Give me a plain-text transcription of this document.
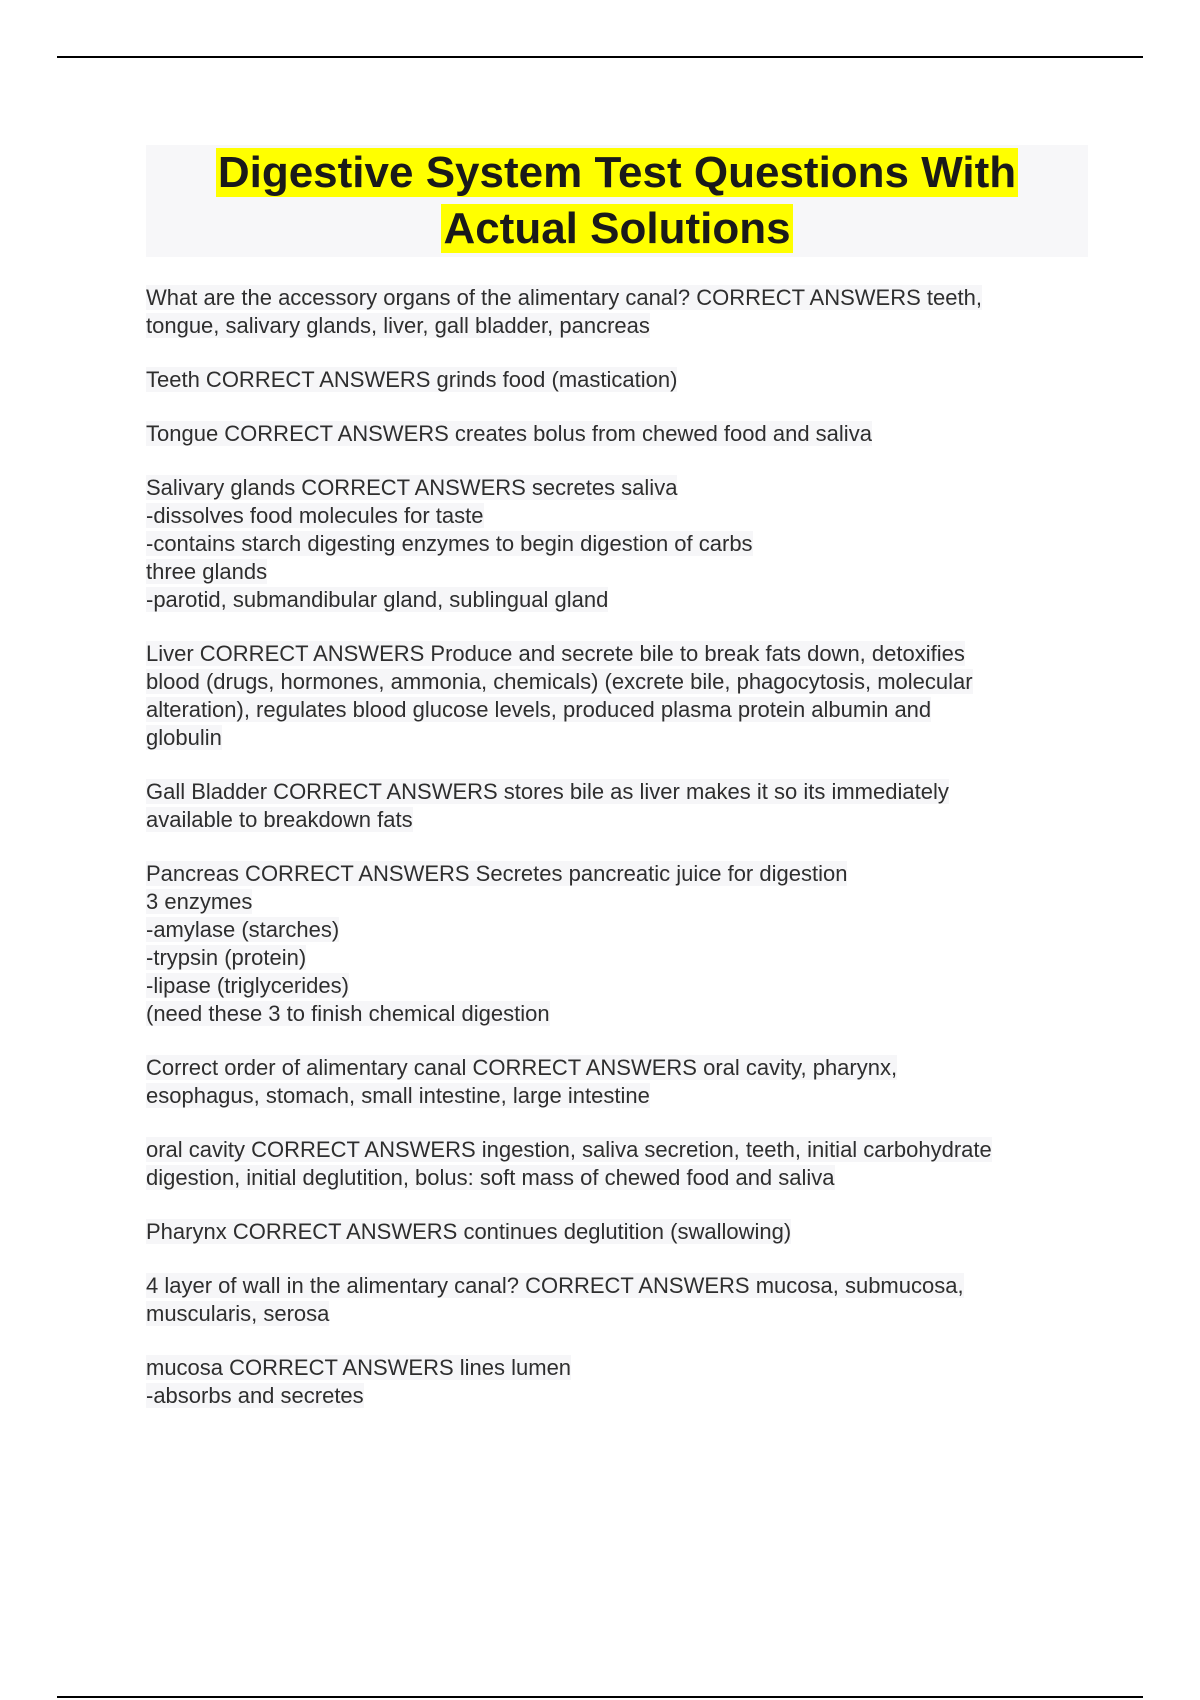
Digestive System Test Questions With
Actual Solutions
What are the accessory organs of the alimentary canal? CORRECT ANSWERS teeth,
tongue, salivary glands, liver, gall bladder, pancreas
Teeth CORRECT ANSWERS grinds food (mastication)
Tongue CORRECT ANSWERS creates bolus from chewed food and saliva
Salivary glands CORRECT ANSWERS secretes saliva
-dissolves food molecules for taste
-contains starch digesting enzymes to begin digestion of carbs
three glands
-parotid, submandibular gland, sublingual gland
Liver CORRECT ANSWERS Produce and secrete bile to break fats down, detoxifies
blood (drugs, hormones, ammonia, chemicals) (excrete bile, phagocytosis, molecular
alteration), regulates blood glucose levels, produced plasma protein albumin and
globulin
Gall Bladder CORRECT ANSWERS stores bile as liver makes it so its immediately
available to breakdown fats
Pancreas CORRECT ANSWERS Secretes pancreatic juice for digestion
3 enzymes
-amylase (starches)
-trypsin (protein)
-lipase (triglycerides)
(need these 3 to finish chemical digestion
Correct order of alimentary canal CORRECT ANSWERS oral cavity, pharynx,
esophagus, stomach, small intestine, large intestine
oral cavity CORRECT ANSWERS ingestion, saliva secretion, teeth, initial carbohydrate
digestion, initial deglutition, bolus: soft mass of chewed food and saliva
Pharynx CORRECT ANSWERS continues deglutition (swallowing)
4 layer of wall in the alimentary canal? CORRECT ANSWERS mucosa, submucosa,
muscularis, serosa
mucosa CORRECT ANSWERS lines lumen
-absorbs and secretes
